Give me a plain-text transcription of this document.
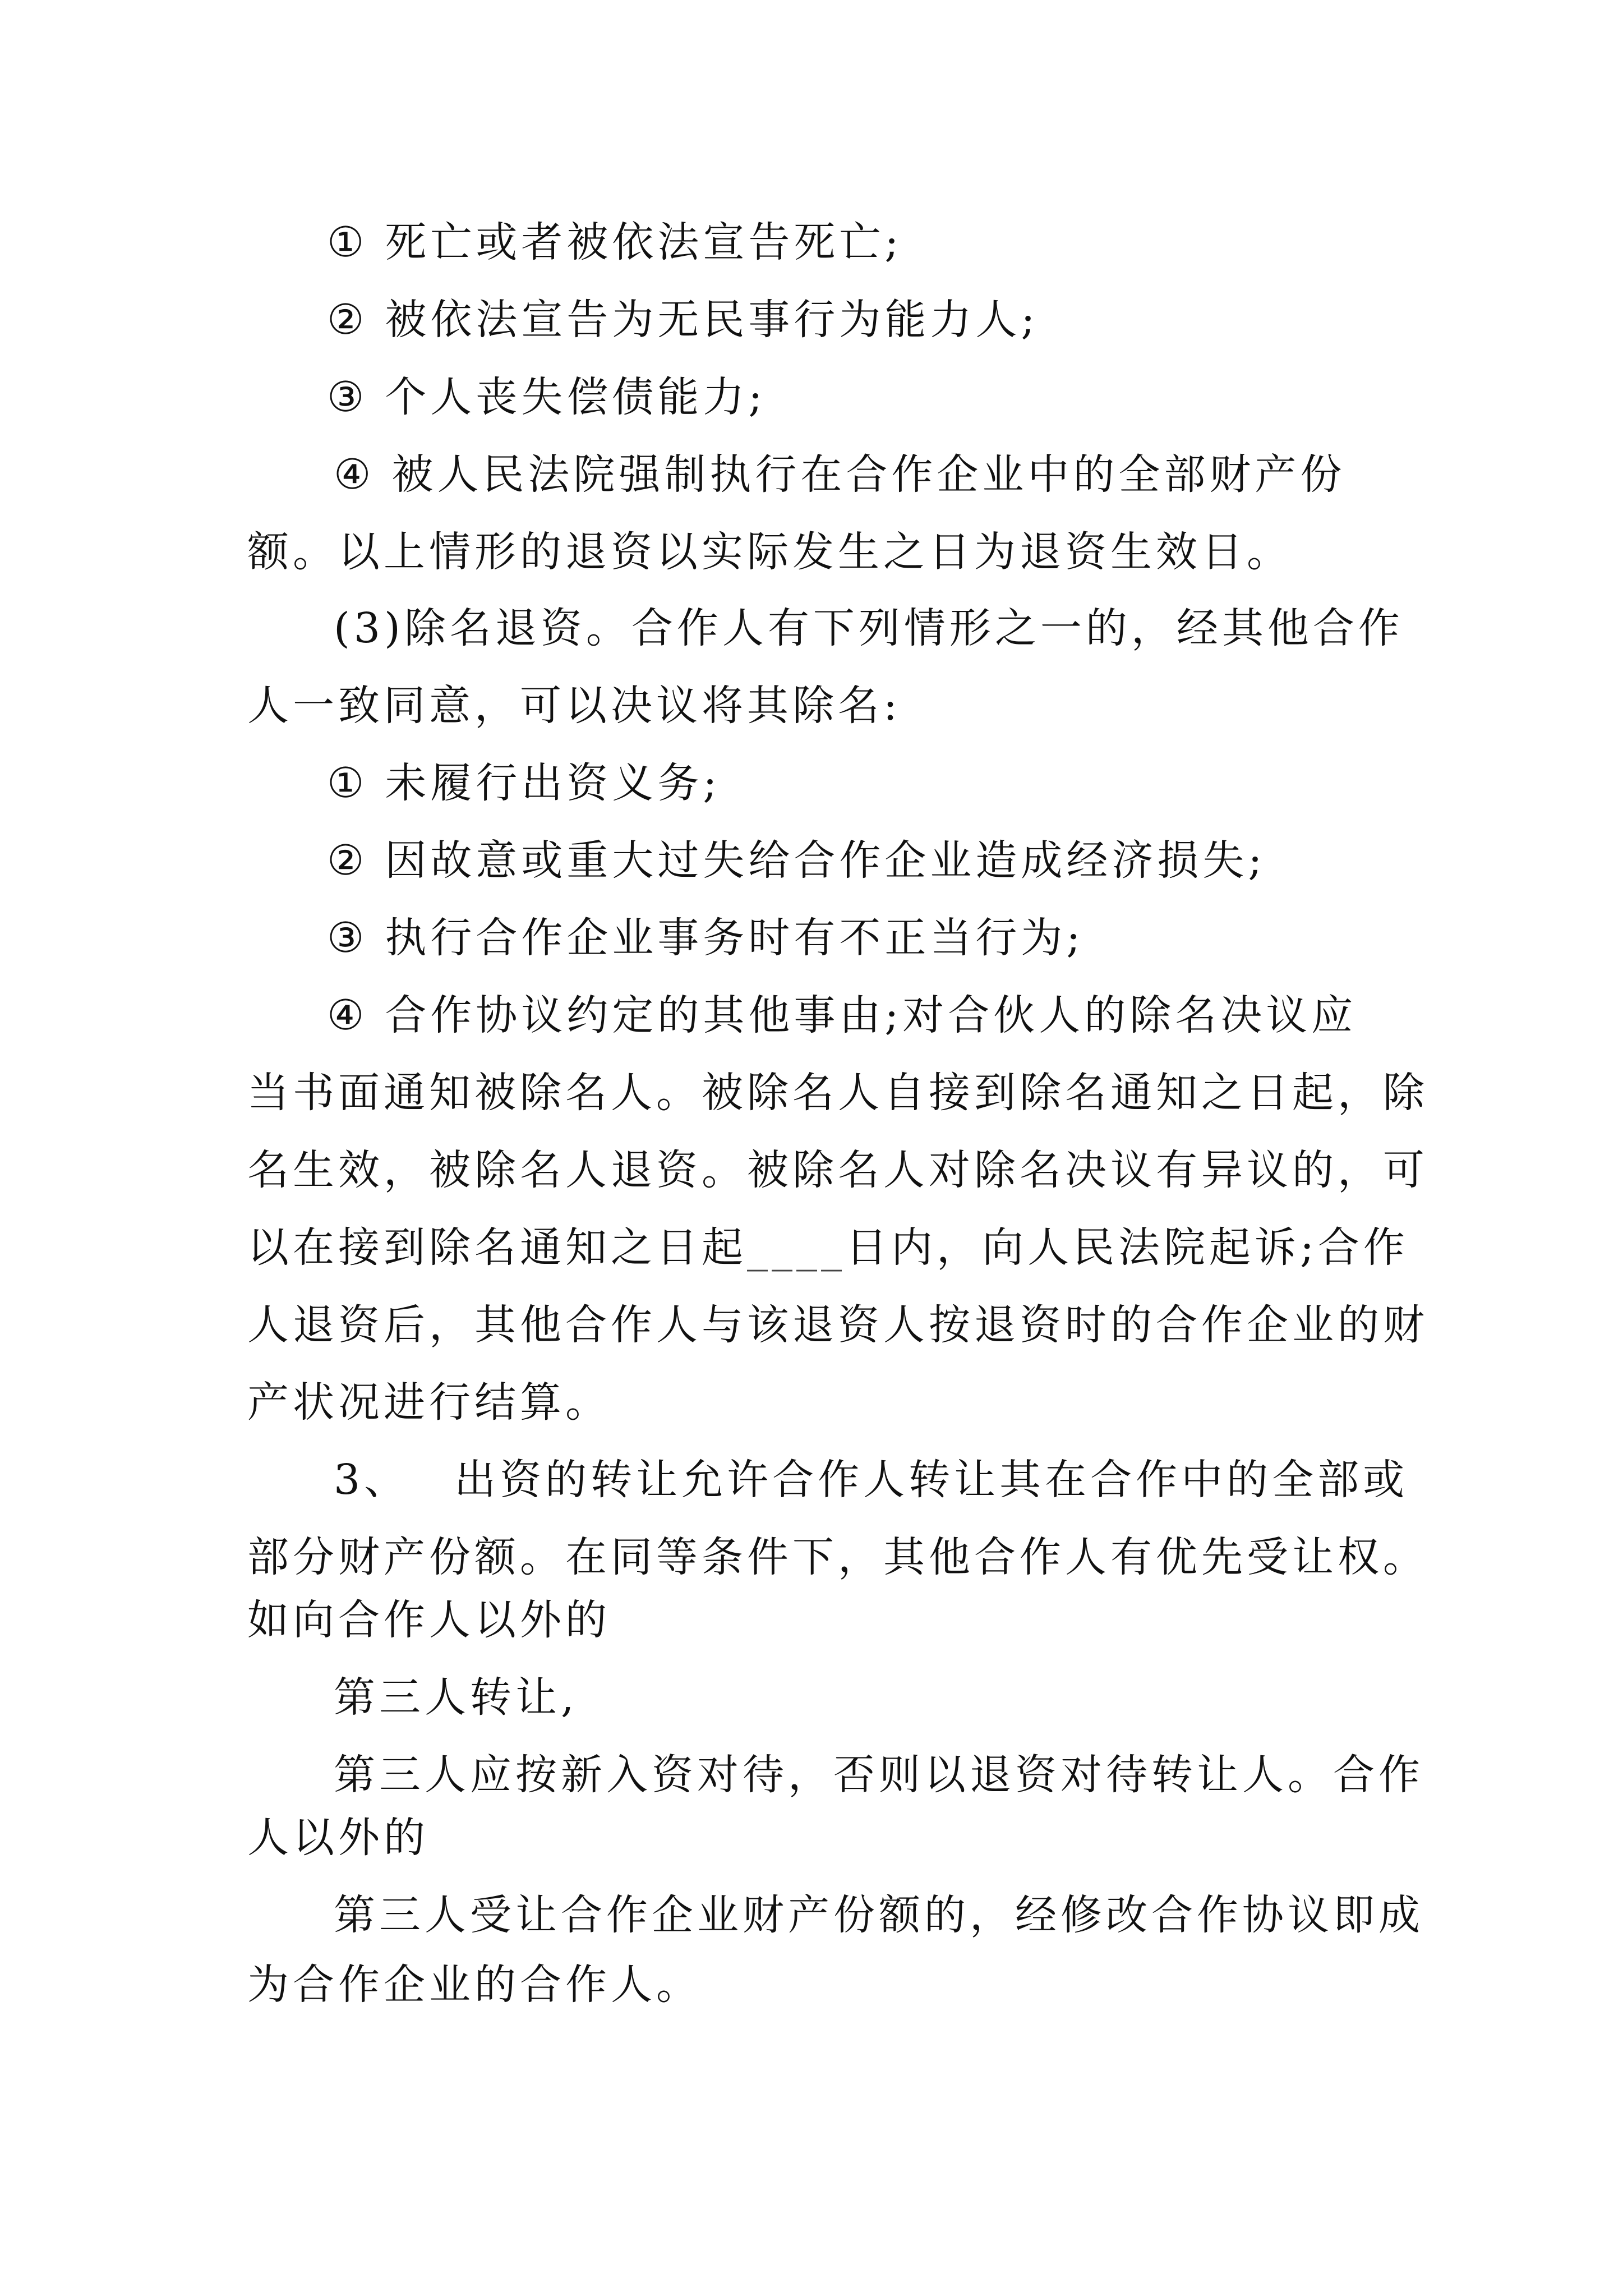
① 死亡或者被依法宣告死亡;

② 被依法宣告为无民事行为能力人;

③ 个人丧失偿债能力;

④ 被人民法院强制执行在合作企业中的全部财产份

额。以上情形的退资以实际发生之日为退资生效日。

(3)除名退资。合作人有下列情形之一的，经其他合作

人一致同意，可以决议将其除名:

① 未履行出资义务;

② 因故意或重大过失给合作企业造成经济损失;

③ 执行合作企业事务时有不正当行为;

④ 合作协议约定的其他事由;对合伙人的除名决议应

当书面通知被除名人。被除名人自接到除名通知之日起，除

名生效，被除名人退资。被除名人对除名决议有异议的，可

以在接到除名通知之日起____日内，向人民法院起诉;合作

人退资后，其他合作人与该退资人按退资时的合作企业的财

产状况进行结算。

3、 出资的转让允许合作人转让其在合作中的全部或

部分财产份额。在同等条件下，其他合作人有优先受让权。

如向合作人以外的

第三人转让,

第三人应按新入资对待，否则以退资对待转让人。合作

人以外的

第三人受让合作企业财产份额的，经修改合作协议即成

为合作企业的合作人。
